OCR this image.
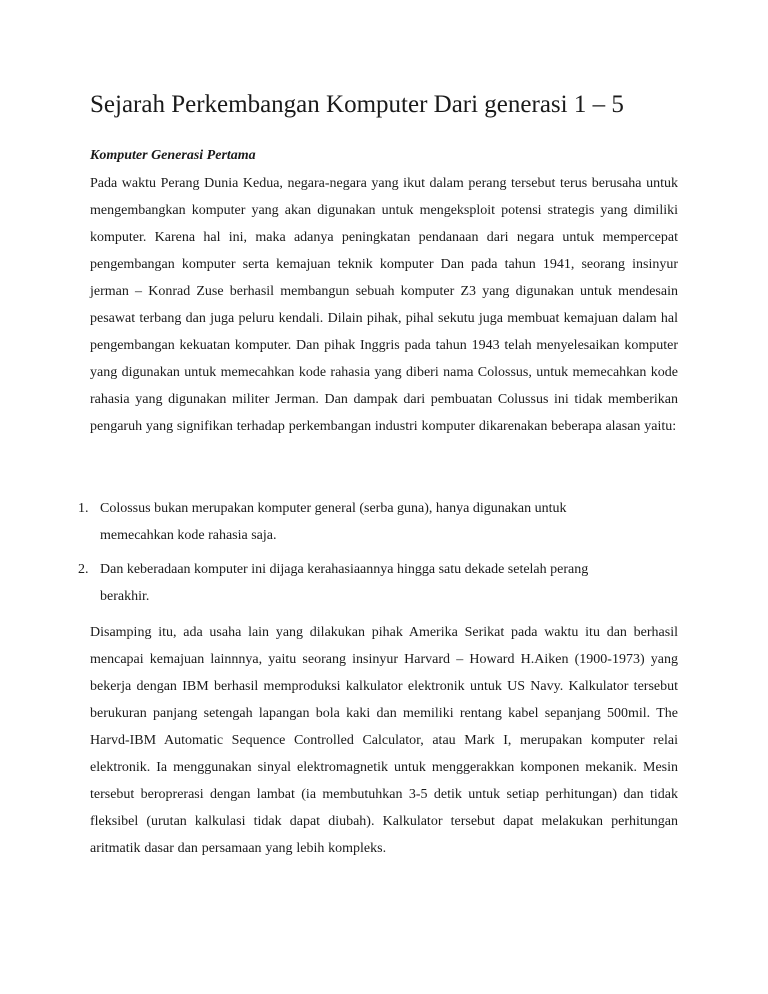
Sejarah Perkembangan Komputer Dari generasi 1 – 5
Komputer Generasi Pertama

Pada waktu Perang Dunia Kedua, negara-negara yang ikut dalam perang tersebut terus berusaha untuk mengembangkan komputer yang akan digunakan untuk mengeksploit potensi strategis yang dimiliki komputer. Karena hal ini, maka adanya peningkatan pendanaan dari negara untuk mempercepat pengembangan komputer serta kemajuan teknik komputer Dan pada tahun 1941, seorang insinyur jerman – Konrad Zuse berhasil membangun sebuah komputer Z3 yang digunakan untuk mendesain pesawat terbang dan juga peluru kendali. Dilain pihak, pihal sekutu juga membuat kemajuan dalam hal pengembangan kekuatan komputer. Dan pihak Inggris pada tahun 1943 telah menyelesaikan komputer yang digunakan untuk memecahkan kode rahasia yang diberi nama Colossus, untuk memecahkan kode rahasia yang digunakan militer Jerman. Dan dampak dari pembuatan Colussus ini tidak memberikan pengaruh yang signifikan terhadap perkembangan industri komputer dikarenakan beberapa alasan yaitu:

1. Colossus bukan merupakan komputer general (serba guna), hanya digunakan untuk memecahkan kode rahasia saja.
2. Dan keberadaan komputer ini dijaga kerahasiaannya hingga satu dekade setelah perang berakhir.

Disamping itu, ada usaha lain yang dilakukan pihak Amerika Serikat pada waktu itu dan berhasil mencapai kemajuan lainnnya, yaitu seorang insinyur Harvard – Howard H.Aiken (1900-1973) yang bekerja dengan IBM berhasil memproduksi kalkulator elektronik untuk US Navy. Kalkulator tersebut berukuran panjang setengah lapangan bola kaki dan memiliki rentang kabel sepanjang 500mil. The Harvd-IBM Automatic Sequence Controlled Calculator, atau Mark I, merupakan komputer relai elektronik. Ia menggunakan sinyal elektromagnetik untuk menggerakkan komponen mekanik. Mesin tersebut beroprerasi dengan lambat (ia membutuhkan 3-5 detik untuk setiap perhitungan) dan tidak fleksibel (urutan kalkulasi tidak dapat diubah). Kalkulator tersebut dapat melakukan perhitungan aritmatik dasar dan persamaan yang lebih kompleks.
